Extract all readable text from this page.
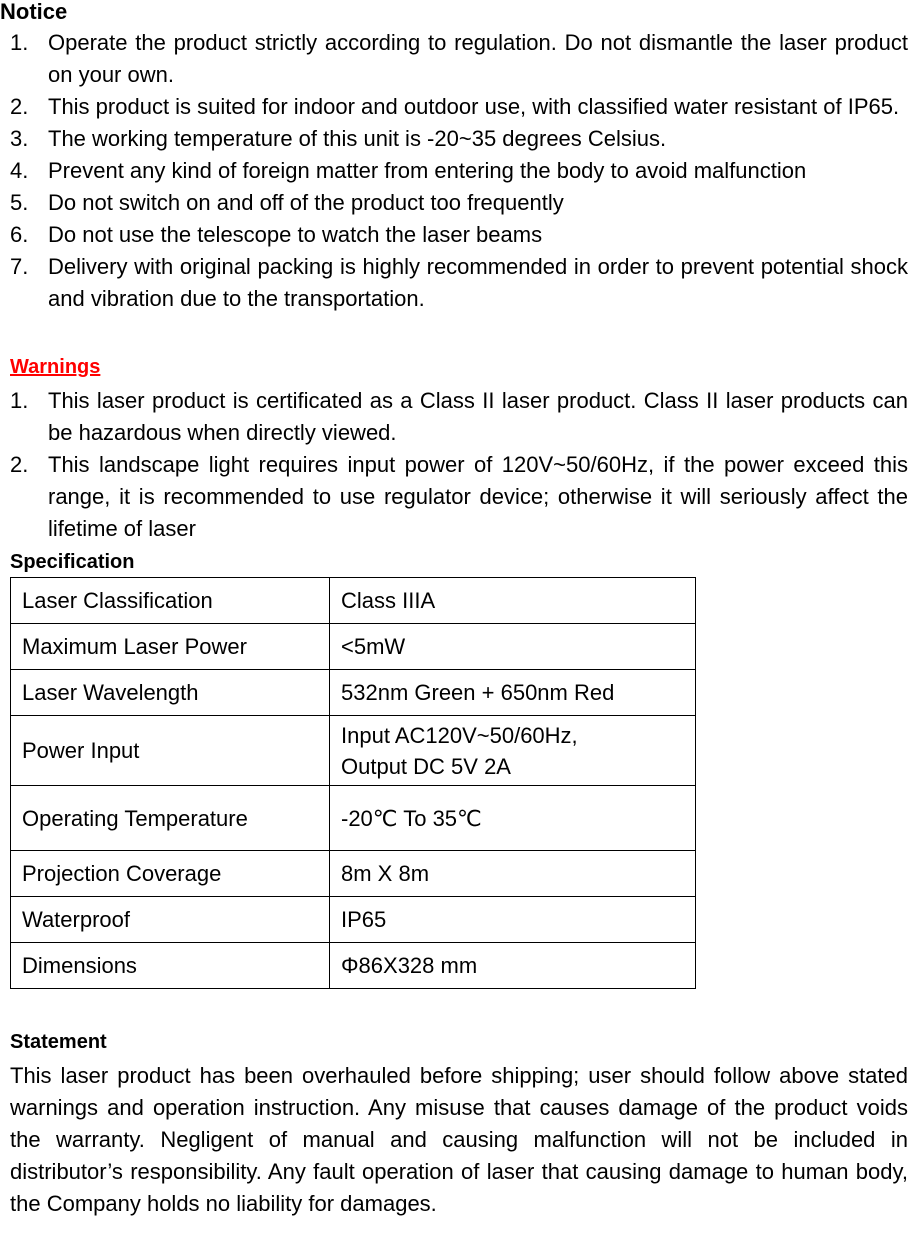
Notice
1. Operate the product strictly according to regulation. Do not dismantle the laser product on your own.
2. This product is suited for indoor and outdoor use, with classified water resistant of IP65.
3. The working temperature of this unit is -20~35 degrees Celsius.
4. Prevent any kind of foreign matter from entering the body to avoid malfunction
5. Do not switch on and off of the product too frequently
6. Do not use the telescope to watch the laser beams
7. Delivery with original packing is highly recommended in order to prevent potential shock and vibration due to the transportation.
Warnings
1. This laser product is certificated as a Class II laser product. Class II laser products can be hazardous when directly viewed.
2. This landscape light requires input power of 120V~50/60Hz, if the power exceed this range, it is recommended to use regulator device; otherwise it will seriously affect the lifetime of laser
Specification
Laser Classification	Class IIIA
Maximum Laser Power	<5mW
Laser Wavelength	532nm Green + 650nm Red
Power Input	Input AC120V~50/60Hz,
Output DC 5V 2A

Operating Temperature	-20℃ To 35℃
Projection Coverage	8m X 8m
Waterproof	IP65
Dimensions	Φ86X328 mm
Statement

This laser product has been overhauled before shipping; user should follow above stated warnings and operation instruction. Any misuse that causes damage of the product voids the warranty. Negligent of manual and causing malfunction will not be included in distributor’s responsibility. Any fault operation of laser that causing damage to human body, the Company holds no liability for damages.
